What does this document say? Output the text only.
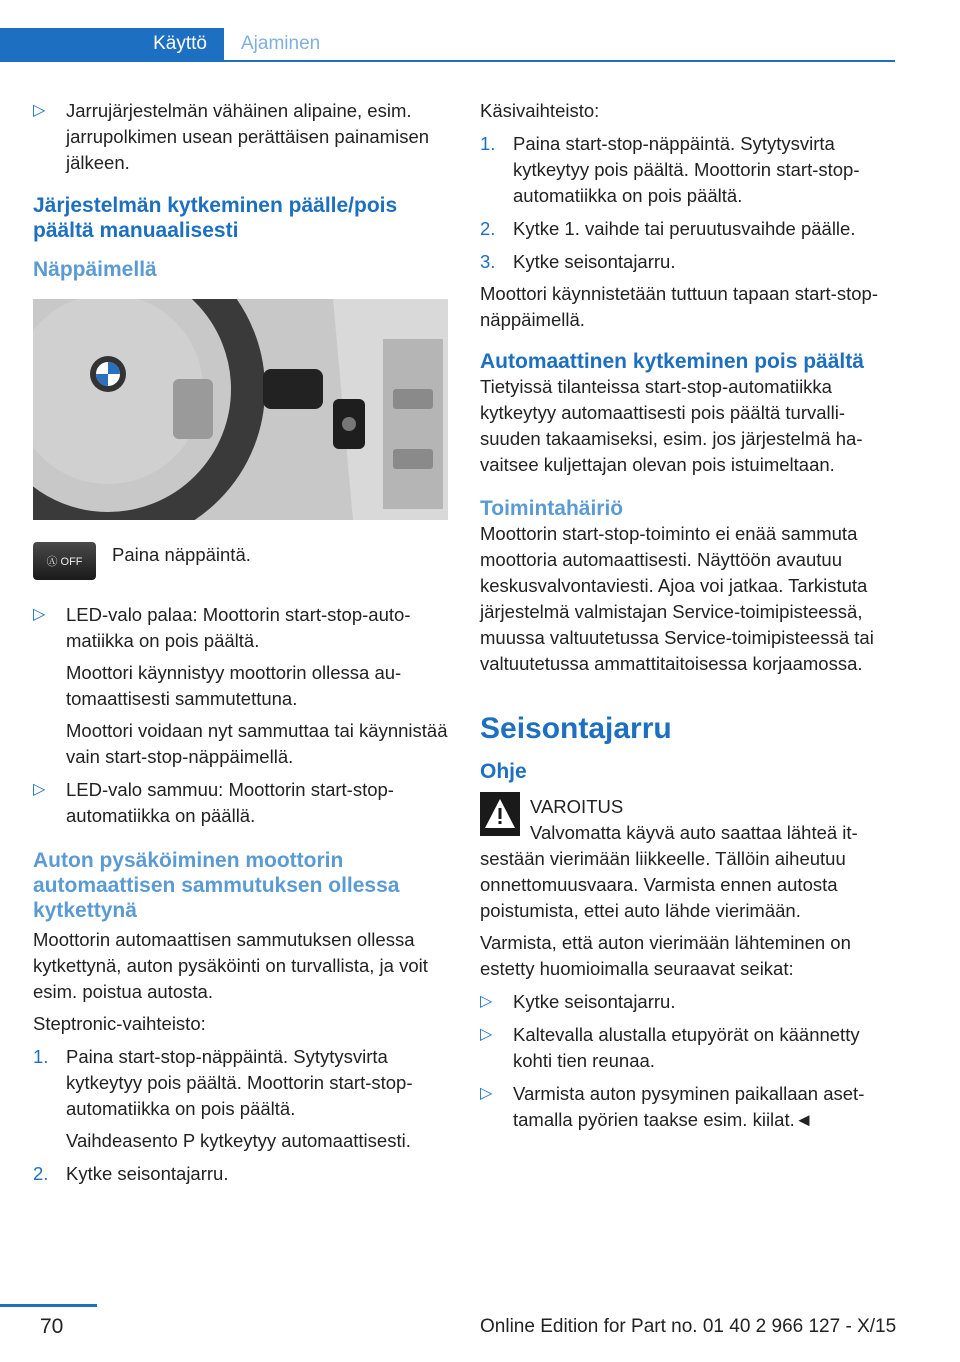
Käyttö	Ajaminen
▷ Jarrujärjestelmän vähäinen alipaine, esim. jarrupolkimen usean perättäisen painamisen jälkeen.
Järjestelmän kytkeminen päälle/pois päältä manuaalisesti
Näppäimellä
Ⓐ OFF Paina näppäintä.

▷ LED-valo palaa: Moottorin start-stop-automatiikka on pois päältä.

Moottori käynnistyy moottorin ollessa automaattisesti sammutettuna.

Moottori voidaan nyt sammuttaa tai käynnistää vain start-stop-näppäimellä.

▷ LED-valo sammuu: Moottorin start-stop-automatiikka on päällä.
Auton pysäköiminen moottorin automaattisen sammutuksen ollessa kytkettynä

Moottorin automaattisen sammutuksen ollessa kytkettynä, auton pysäköinti on turvallista, ja voit esim. poistua autosta.

Steptronic-vaihteisto:

1. Paina start-stop-näppäintä. Sytytysvirta kytkeytyy pois päältä. Moottorin start-stop-automatiikka on pois päältä.

Vaihdeasento P kytkeytyy automaattisesti.

2. Kytke seisontajarru.

Käsivaihteisto:

1. Paina start-stop-näppäintä. Sytytysvirta kytkeytyy pois päältä. Moottorin start-stop-automatiikka on pois päältä.
2. Kytke 1. vaihde tai peruutusvaihde päälle.
3. Kytke seisontajarru.

Moottori käynnistetään tuttuun tapaan start-stop-näppäimellä.

Automaattinen kytkeminen pois päältä

Tietyissä tilanteissa start-stop-automatiikka kytkeytyy automaattisesti pois päältä turvallisuuden takaamiseksi, esim. jos järjestelmä havaitsee kuljettajan olevan pois istuimeltaan.

Toimintahäiriö

Moottorin start-stop-toiminto ei enää sammuta moottoria automaattisesti. Näyttöön avautuu keskusvalvontaviesti. Ajoa voi jatkaa. Tarkistuta järjestelmä valmistajan Service-toimipisteessä, muussa valtuutetussa Service-toimipisteessä tai valtuutetussa ammattitaitoisessa korjaamossa.

Seisontajarru
Ohje

VAROITUS

Valvomatta käyvä auto saattaa lähteä itsestään vierimään liikkeelle. Tällöin aiheutuu onnettomuusvaara. Varmista ennen autosta poistumista, ettei auto lähde vierimään.

Varmista, että auton vierimään lähteminen on estetty huomioimalla seuraavat seikat:

▷ Kytke seisontajarru.
▷ Kaltevalla alustalla etupyörät on käännetty kohti tien reunaa.
▷ Varmista auton pysyminen paikallaan asettamalla pyörien taakse esim. kiilat.◄
70	Online Edition for Part no. 01 40 2 966 127 - X/15
